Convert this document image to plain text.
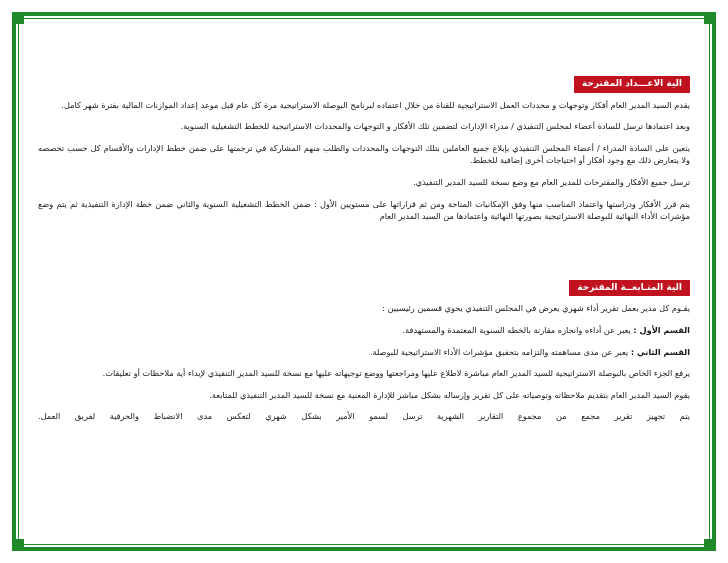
الية الاعـــداد المقترحة

يقدم السيد المدير العام أفكار وتوجهات و محددات العمل الاستراتيجية للقناة من خلال اعتماده لبرنامج البوصلة الاستراتيجية مرة كل عام قبل موعد إعداد الموازنات المالية بفترة شهر كامل.

وبعد اعتمادها ترسل للسادة أعضاء لمجلس التنفيذي / مدراء الإدارات لتضمين تلك الأفكار و التوجهات والمحددات الاستراتيجية للخطط التشغيلية السنوية.

يتعين على السادة المدراء / أعضاء المجلس التنفيذي بإبلاغ جميع العاملين بتلك التوجهات والمحددات والطلب منهم المشاركة في ترجمتها على ضمن خطط الإدارات والأقسام كل حسب تخصصه ولا يتعارض ذلك مع وجود أفكار أو احتياجات أخرى إضافية للخطط.

ترسل جميع الأفكار والمقترحات للمدير العام مع وضع نسخة للسيد المدير التنفيذي.

يتم فرز الأفكار ودراستها واعتماد المناسب منها وفق الإمكانيات المتاحة ومن ثم قراراتها على مستويين الأول : ضمن الخطط التشغيلية السنوية والثاني ضمن خطة الإدارة التنفيذية ثم يتم وضع مؤشرات الأداء النهائية للبوصلة الاستراتيجية بصورتها النهائية واعتمادها من السيد المدير العام

الية المتـابعــة المقترحة

يقـوم كل مدير بعمل تقرير أداء شهري يعرض في المجلس التنفيذي يحوي قسمين رئيسيين :

القسم الأول : يعبر عن أداءه وانجازه مقارنة بالخطه السنوية المعتمدة والمستهدفة.

القسم الثاني : يعبر عن مدى مساهمته والتزامه بتحقيق مؤشرات الأداء الاستراتيجية للبوصلة.

يرفع الجزء الخاص بالبوصلة الاستراتيجية للسيد المدير العام مباشرة لاطلاع عليها ومراجعتها ووضع توجيهاته عليها مع نسخة للسيد المدير التنفيذي لإبداء أية ملاحظات أو تعليقات.

يقوم السيد المدير العام بتقديم ملاحظاته وتوصياته على كل تقرير وإرساله بشكل مباشر للإدارة المعنية مع نسخة للسيد المدير التنفيذي للمتابعة.

يتم تجهيز تقرير مجمع من مجموع التقارير الشهرية ترسل لسمو الأمير بشكل شهري لتعكس مدى الانضباط والحرفية لفريق العمل.
